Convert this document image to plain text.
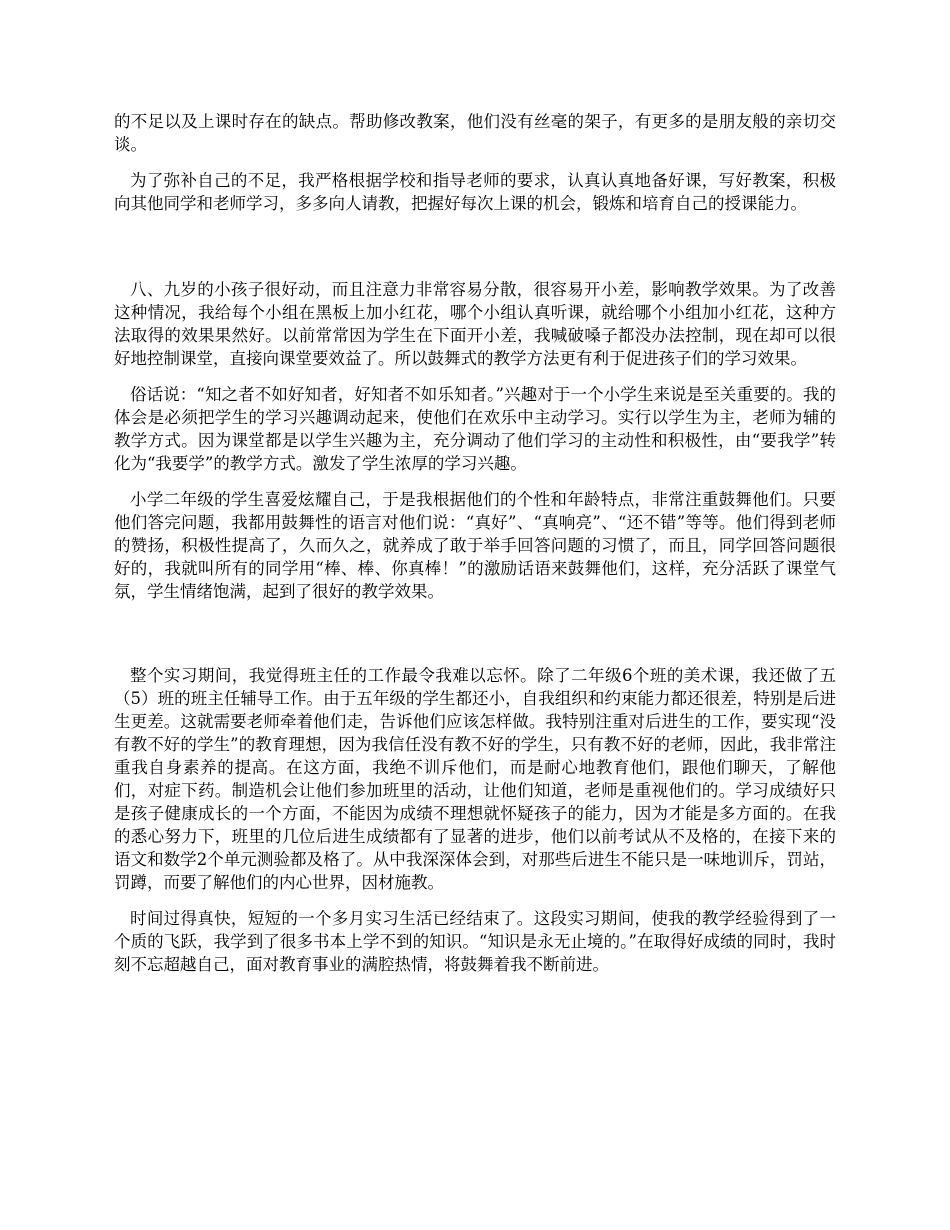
的不足以及上课时存在的缺点。帮助修改教案，他们没有丝毫的架子，有更多的是朋友般的亲切交谈。

为了弥补自己的不足，我严格根据学校和指导老师的要求，认真认真地备好课，写好教案，积极向其他同学和老师学习，多多向人请教，把握好每次上课的机会，锻炼和培育自己的授课能力。

八、九岁的小孩子很好动，而且注意力非常容易分散，很容易开小差，影响教学效果。为了改善这种情况，我给每个小组在黑板上加小红花，哪个小组认真听课，就给哪个小组加小红花，这种方法取得的效果果然好。以前常常因为学生在下面开小差，我喊破嗓子都没办法控制，现在却可以很好地控制课堂，直接向课堂要效益了。所以鼓舞式的教学方法更有利于促进孩子们的学习效果。

俗话说：“知之者不如好知者，好知者不如乐知者。”兴趣对于一个小学生来说是至关重要的。我的体会是必须把学生的学习兴趣调动起来，使他们在欢乐中主动学习。实行以学生为主，老师为辅的教学方式。因为课堂都是以学生兴趣为主，充分调动了他们学习的主动性和积极性，由“要我学”转化为“我要学”的教学方式。激发了学生浓厚的学习兴趣。

小学二年级的学生喜爱炫耀自己，于是我根据他们的个性和年龄特点，非常注重鼓舞他们。只要他们答完问题，我都用鼓舞性的语言对他们说：“真好”、“真响亮”、“还不错”等等。他们得到老师的赞扬，积极性提高了，久而久之，就养成了敢于举手回答问题的习惯了，而且，同学回答问题很好的，我就叫所有的同学用“棒、棒、你真棒！”的激励话语来鼓舞他们，这样，充分活跃了课堂气氛，学生情绪饱满，起到了很好的教学效果。

整个实习期间，我觉得班主任的工作最令我难以忘怀。除了二年级6个班的美术课，我还做了五（5）班的班主任辅导工作。由于五年级的学生都还小，自我组织和约束能力都还很差，特别是后进生更差。这就需要老师牵着他们走，告诉他们应该怎样做。我特别注重对后进生的工作，要实现“没有教不好的学生”的教育理想，因为我信任没有教不好的学生，只有教不好的老师，因此，我非常注重我自身素养的提高。在这方面，我绝不训斥他们，而是耐心地教育他们，跟他们聊天，了解他们，对症下药。制造机会让他们参加班里的活动，让他们知道，老师是重视他们的。学习成绩好只是孩子健康成长的一个方面，不能因为成绩不理想就怀疑孩子的能力，因为才能是多方面的。在我的悉心努力下，班里的几位后进生成绩都有了显著的进步，他们以前考试从不及格的，在接下来的语文和数学2个单元测验都及格了。从中我深深体会到，对那些后进生不能只是一味地训斥，罚站，罚蹲，而要了解他们的内心世界，因材施教。

时间过得真快，短短的一个多月实习生活已经结束了。这段实习期间，使我的教学经验得到了一个质的飞跃，我学到了很多书本上学不到的知识。“知识是永无止境的。”在取得好成绩的同时，我时刻不忘超越自己，面对教育事业的满腔热情，将鼓舞着我不断前进。
